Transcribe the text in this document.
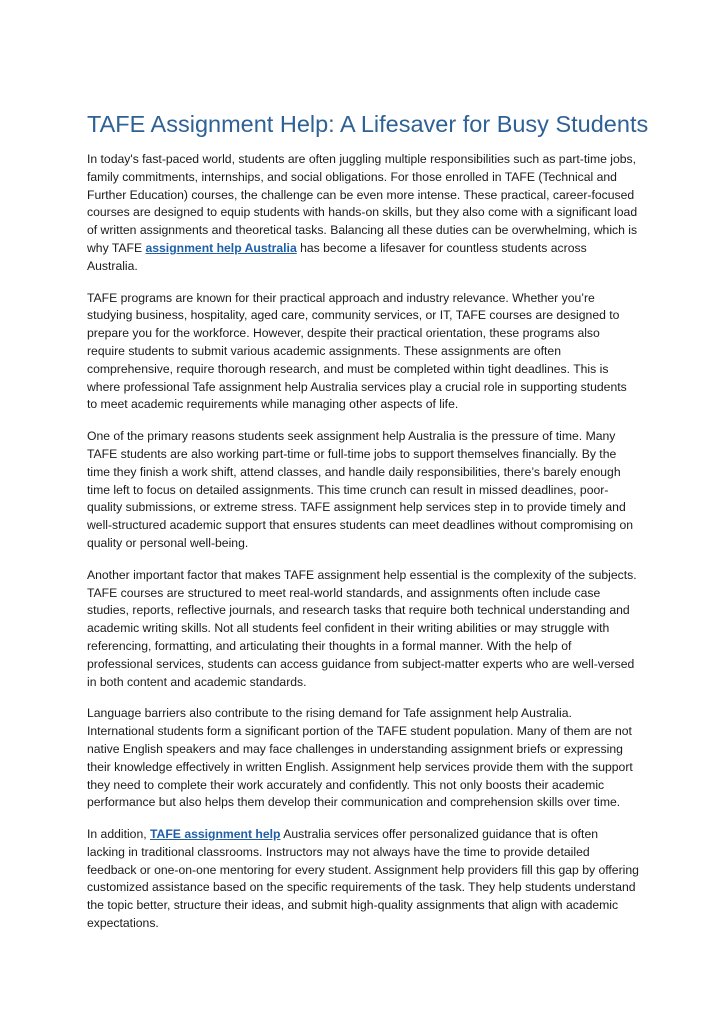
TAFE Assignment Help: A Lifesaver for Busy Students

In today's fast-paced world, students are often juggling multiple responsibilities such as part-time jobs, family commitments, internships, and social obligations. For those enrolled in TAFE (Technical and Further Education) courses, the challenge can be even more intense. These practical, career-focused courses are designed to equip students with hands-on skills, but they also come with a significant load of written assignments and theoretical tasks. Balancing all these duties can be overwhelming, which is why TAFE assignment help Australia has become a lifesaver for countless students across Australia.

TAFE programs are known for their practical approach and industry relevance. Whether you’re studying business, hospitality, aged care, community services, or IT, TAFE courses are designed to prepare you for the workforce. However, despite their practical orientation, these programs also require students to submit various academic assignments. These assignments are often comprehensive, require thorough research, and must be completed within tight deadlines. This is where professional Tafe assignment help Australia services play a crucial role in supporting students to meet academic requirements while managing other aspects of life.

One of the primary reasons students seek assignment help Australia is the pressure of time. Many TAFE students are also working part-time or full-time jobs to support themselves financially. By the time they finish a work shift, attend classes, and handle daily responsibilities, there’s barely enough time left to focus on detailed assignments. This time crunch can result in missed deadlines, poor-quality submissions, or extreme stress. TAFE assignment help services step in to provide timely and well-structured academic support that ensures students can meet deadlines without compromising on quality or personal well-being.

Another important factor that makes TAFE assignment help essential is the complexity of the subjects. TAFE courses are structured to meet real-world standards, and assignments often include case studies, reports, reflective journals, and research tasks that require both technical understanding and academic writing skills. Not all students feel confident in their writing abilities or may struggle with referencing, formatting, and articulating their thoughts in a formal manner. With the help of professional services, students can access guidance from subject-matter experts who are well-versed in both content and academic standards.

Language barriers also contribute to the rising demand for Tafe assignment help Australia. International students form a significant portion of the TAFE student population. Many of them are not native English speakers and may face challenges in understanding assignment briefs or expressing their knowledge effectively in written English. Assignment help services provide them with the support they need to complete their work accurately and confidently. This not only boosts their academic performance but also helps them develop their communication and comprehension skills over time.

In addition, TAFE assignment help Australia services offer personalized guidance that is often lacking in traditional classrooms. Instructors may not always have the time to provide detailed feedback or one-on-one mentoring for every student. Assignment help providers fill this gap by offering customized assistance based on the specific requirements of the task. They help students understand the topic better, structure their ideas, and submit high-quality assignments that align with academic expectations.
